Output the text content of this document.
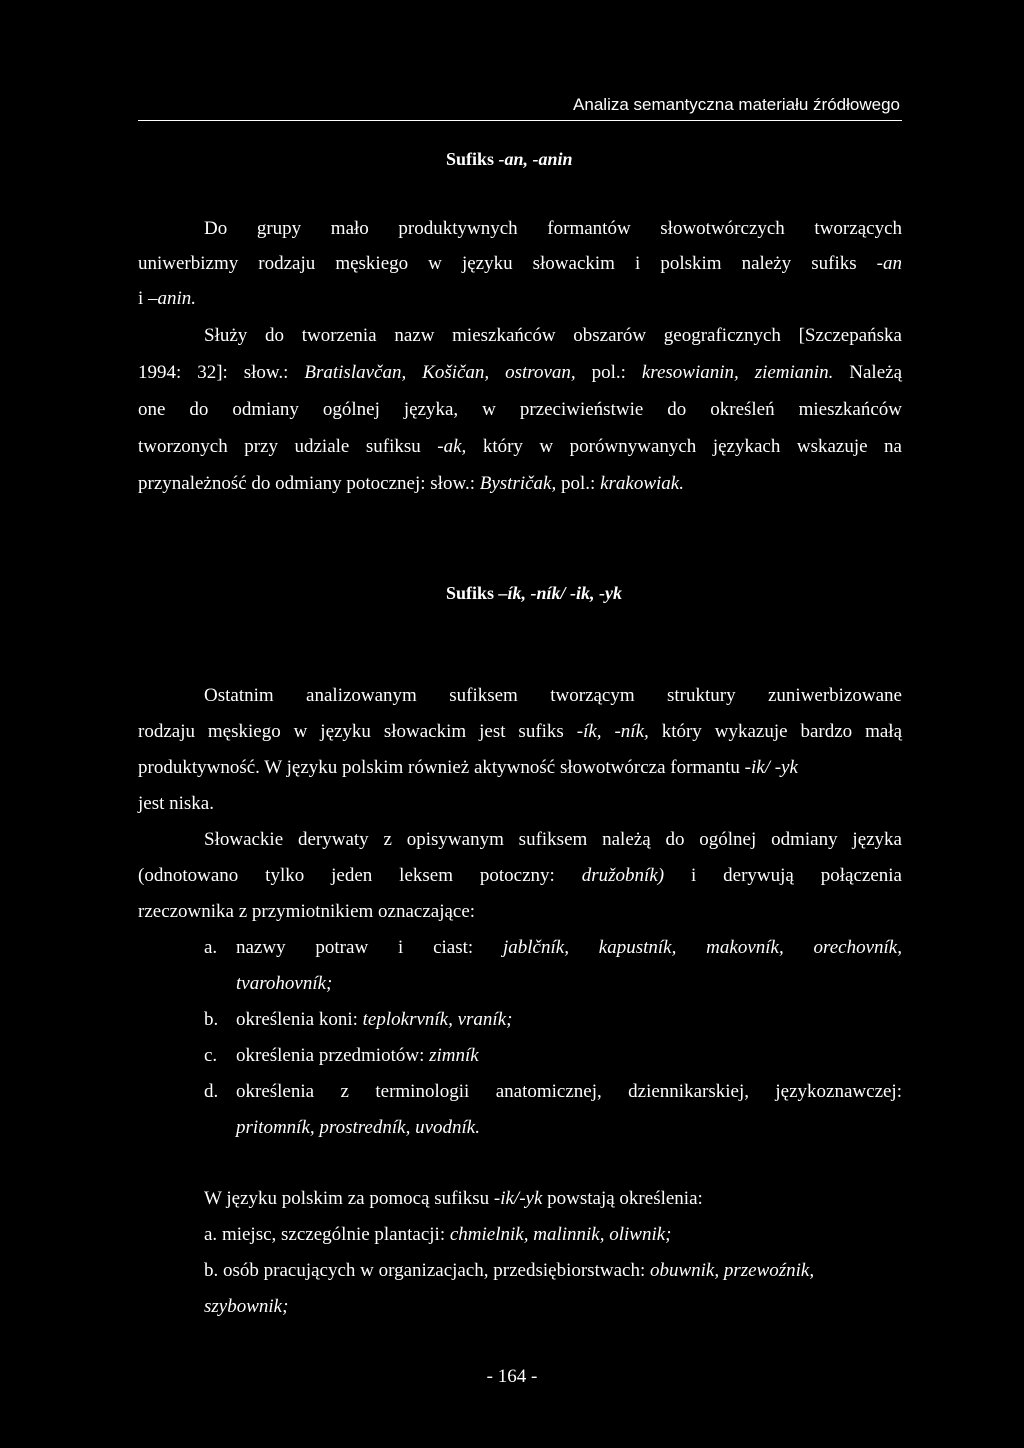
Analiza semantyczna materiału źródłowego
Sufiks -an, -anin
Do grupy mało produktywnych formantów słowotwórczych tworzących
uniwerbizmy rodzaju męskiego w języku słowackim i polskim należy sufiks -an
i –anin.
Służy do tworzenia nazw mieszkańców obszarów geograficznych [Szczepańska
1994: 32]: słow.: Bratislavčan, Košičan, ostrovan, pol.: kresowianin, ziemianin. Należą
one do odmiany ogólnej języka, w przeciwieństwie do określeń mieszkańców
tworzonych przy udziale sufiksu -ak, który w porównywanych językach wskazuje na
przynależność do odmiany potocznej: słow.: Bystričak, pol.: krakowiak.
Sufiks –ík, -ník/ -ik, -yk
Ostatnim analizowanym sufiksem tworzącym struktury zuniwerbizowane
rodzaju męskiego w języku słowackim jest sufiks -ík, -ník, który wykazuje bardzo małą
produktywność. W języku polskim również aktywność słowotwórcza formantu -ik/ -yk
jest niska.
Słowackie derywaty z opisywanym sufiksem należą do ogólnej odmiany języka
(odnotowano tylko jeden leksem potoczny: družobník) i derywują połączenia
rzeczownika z przymiotnikiem oznaczające:
a. nazwy potraw i ciast: jablčník, kapustník, makovník, orechovník,
tvarohovník;
b. określenia koni: teplokrvník, vraník;
c. określenia przedmiotów: zimník
d. określenia z terminologii anatomicznej, dziennikarskiej, językoznawczej:
pritomník, prostredník, uvodník.
W języku polskim za pomocą sufiksu -ik/-yk powstają określenia:
a. miejsc, szczególnie plantacji: chmielnik, malinnik, oliwnik;
b. osób pracujących w organizacjach, przedsiębiorstwach: obuwnik, przewoźnik,
szybownik;
- 164 -
